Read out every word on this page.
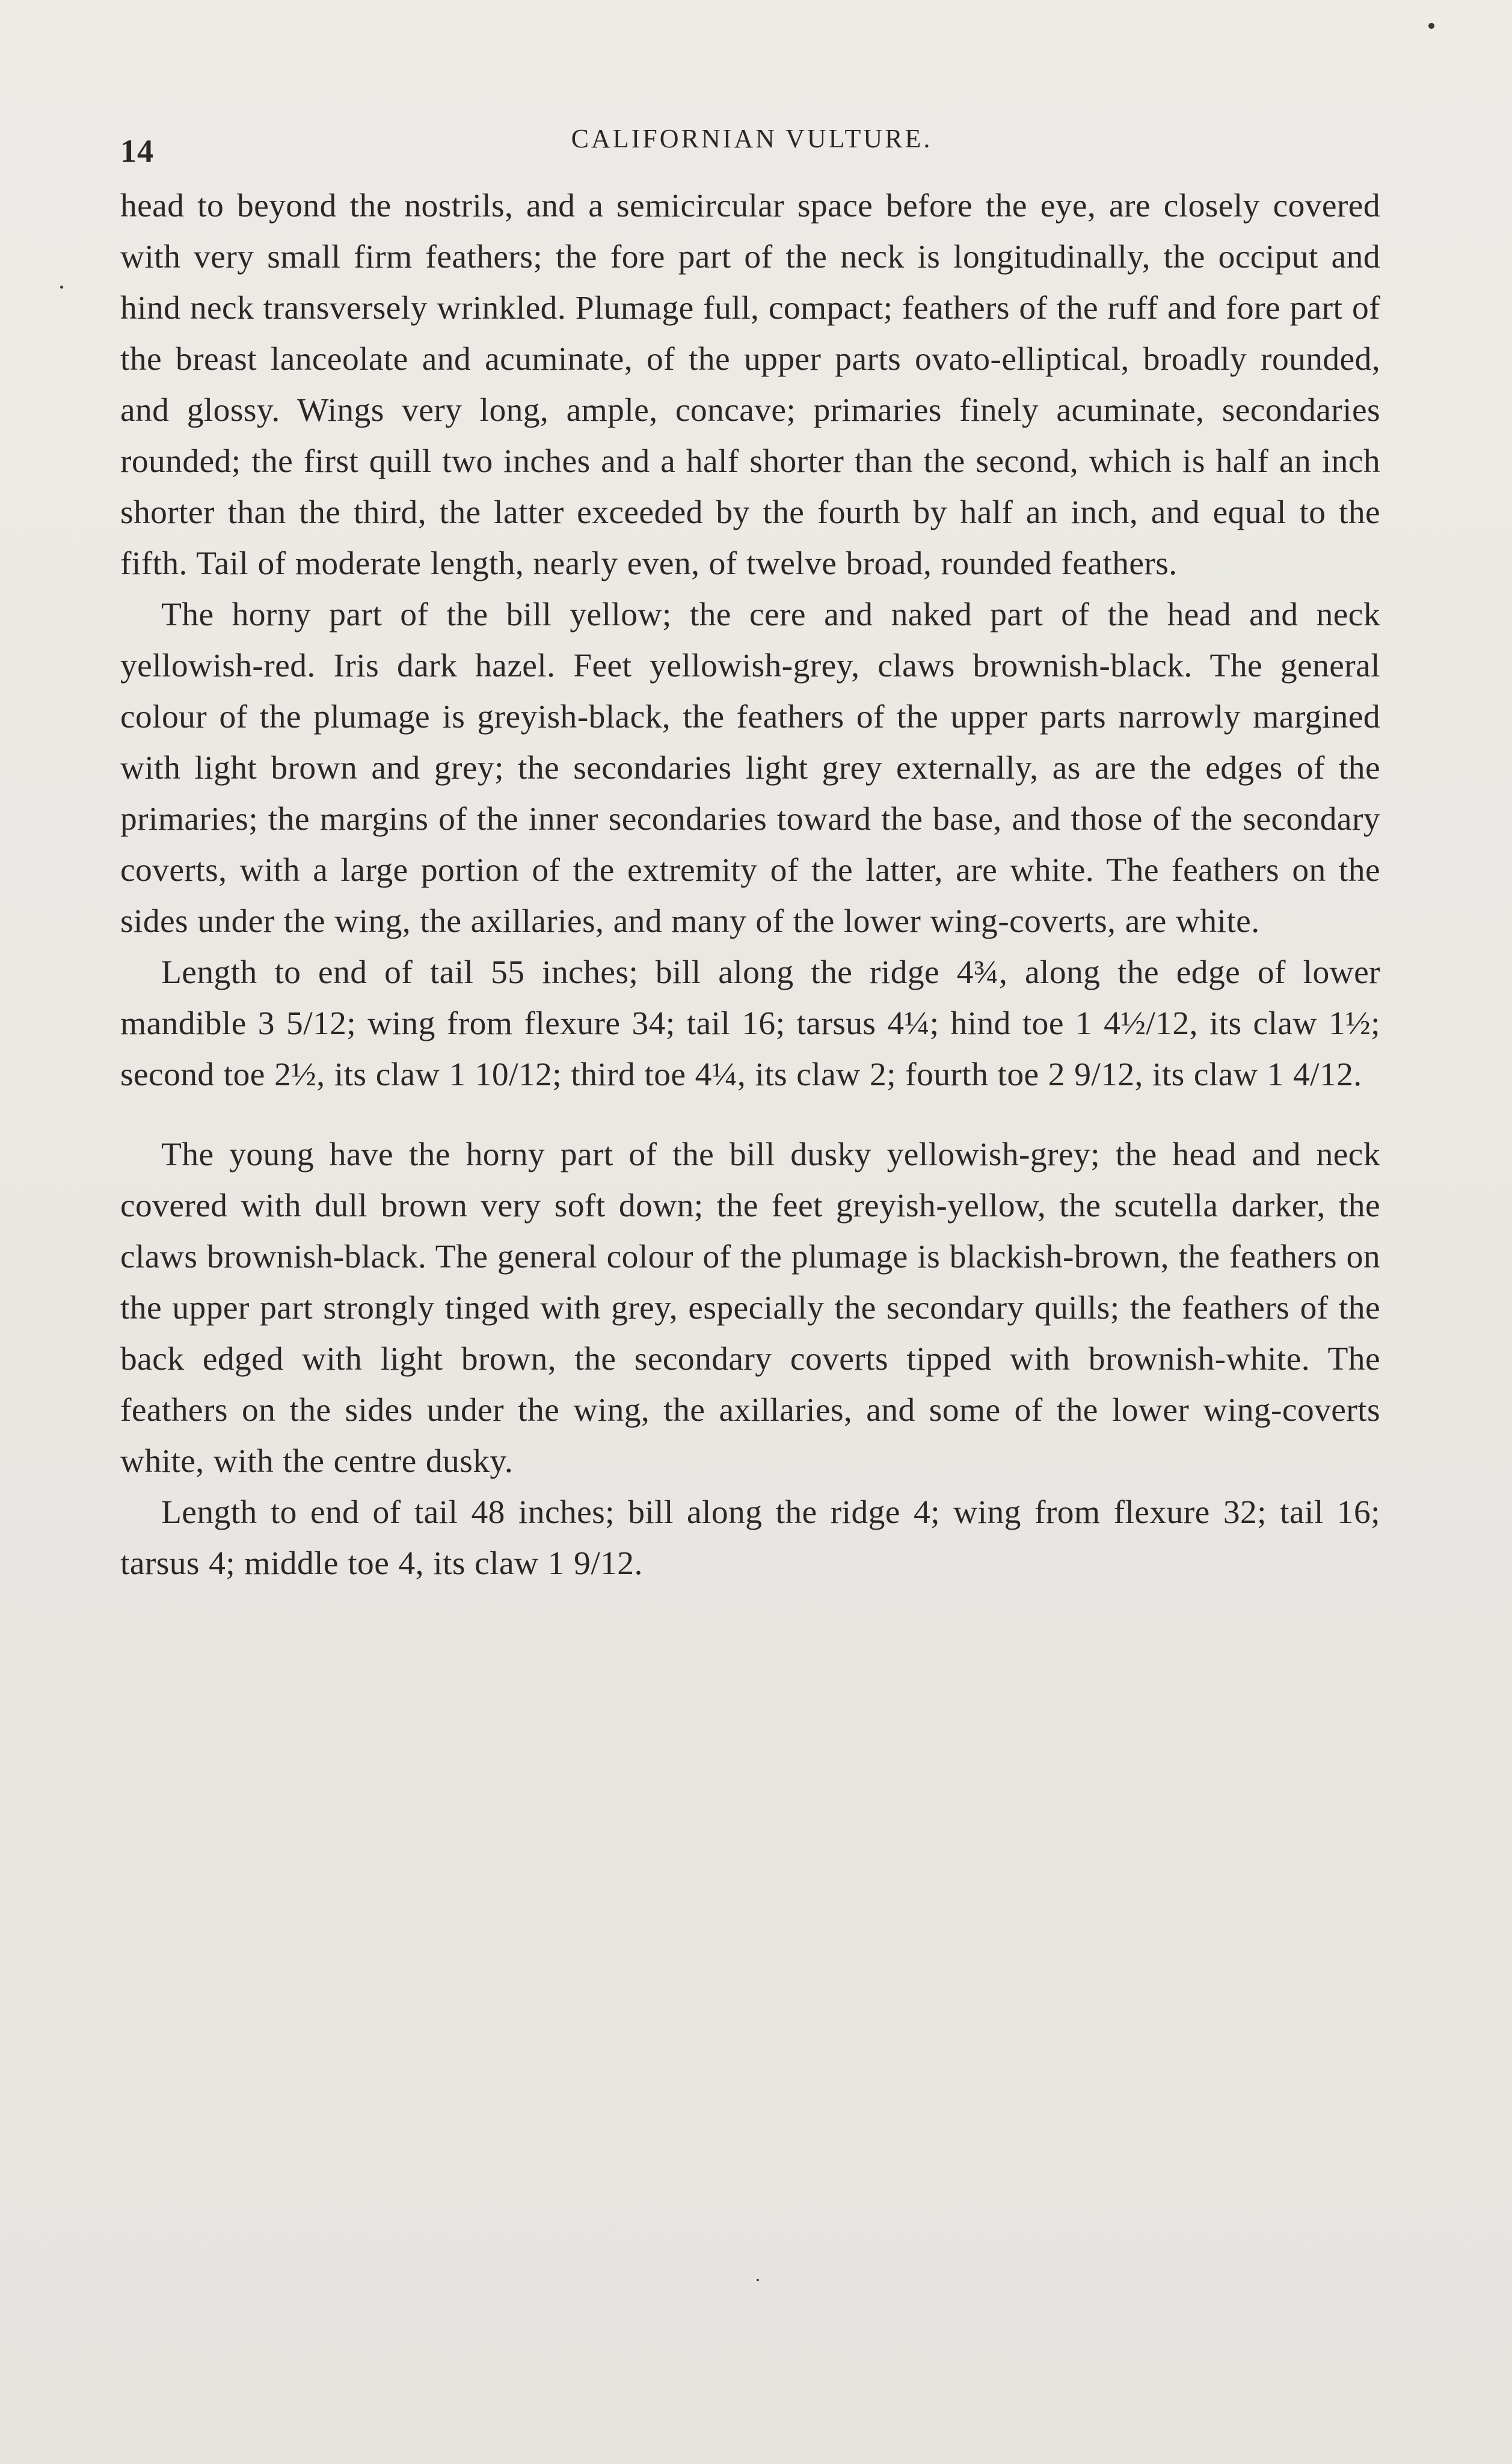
14	CALIFORNIAN VULTURE.

head to beyond the nostrils, and a semicircular space before the eye, are closely covered with very small firm feathers; the fore part of the neck is longitudinally, the occiput and hind neck transversely wrinkled. Plumage full, compact; feathers of the ruff and fore part of the breast lanceolate and acuminate, of the upper parts ovato-elliptical, broadly rounded, and glossy. Wings very long, ample, concave; primaries finely acuminate, secondaries rounded; the first quill two inches and a half shorter than the second, which is half an inch shorter than the third, the latter exceeded by the fourth by half an inch, and equal to the fifth. Tail of moderate length, nearly even, of twelve broad, rounded feathers.

The horny part of the bill yellow; the cere and naked part of the head and neck yellowish-red. Iris dark hazel. Feet yellowish-grey, claws brownish-black. The general colour of the plumage is greyish-black, the feathers of the upper parts narrowly margined with light brown and grey; the secondaries light grey externally, as are the edges of the primaries; the margins of the inner secondaries toward the base, and those of the secondary coverts, with a large portion of the extremity of the latter, are white. The feathers on the sides under the wing, the axillaries, and many of the lower wing-coverts, are white.

Length to end of tail 55 inches; bill along the ridge 4¾, along the edge of lower mandible 3 5/12; wing from flexure 34; tail 16; tarsus 4¼; hind toe 1 4½/12, its claw 1½; second toe 2½, its claw 1 10/12; third toe 4¼, its claw 2; fourth toe 2 9/12, its claw 1 4/12.

The young have the horny part of the bill dusky yellowish-grey; the head and neck covered with dull brown very soft down; the feet greyish-yellow, the scutella darker, the claws brownish-black. The general colour of the plumage is blackish-brown, the feathers on the upper part strongly tinged with grey, especially the secondary quills; the feathers of the back edged with light brown, the secondary coverts tipped with brownish-white. The feathers on the sides under the wing, the axillaries, and some of the lower wing-coverts white, with the centre dusky.

Length to end of tail 48 inches; bill along the ridge 4; wing from flexure 32; tail 16; tarsus 4; middle toe 4, its claw 1 9/12.
